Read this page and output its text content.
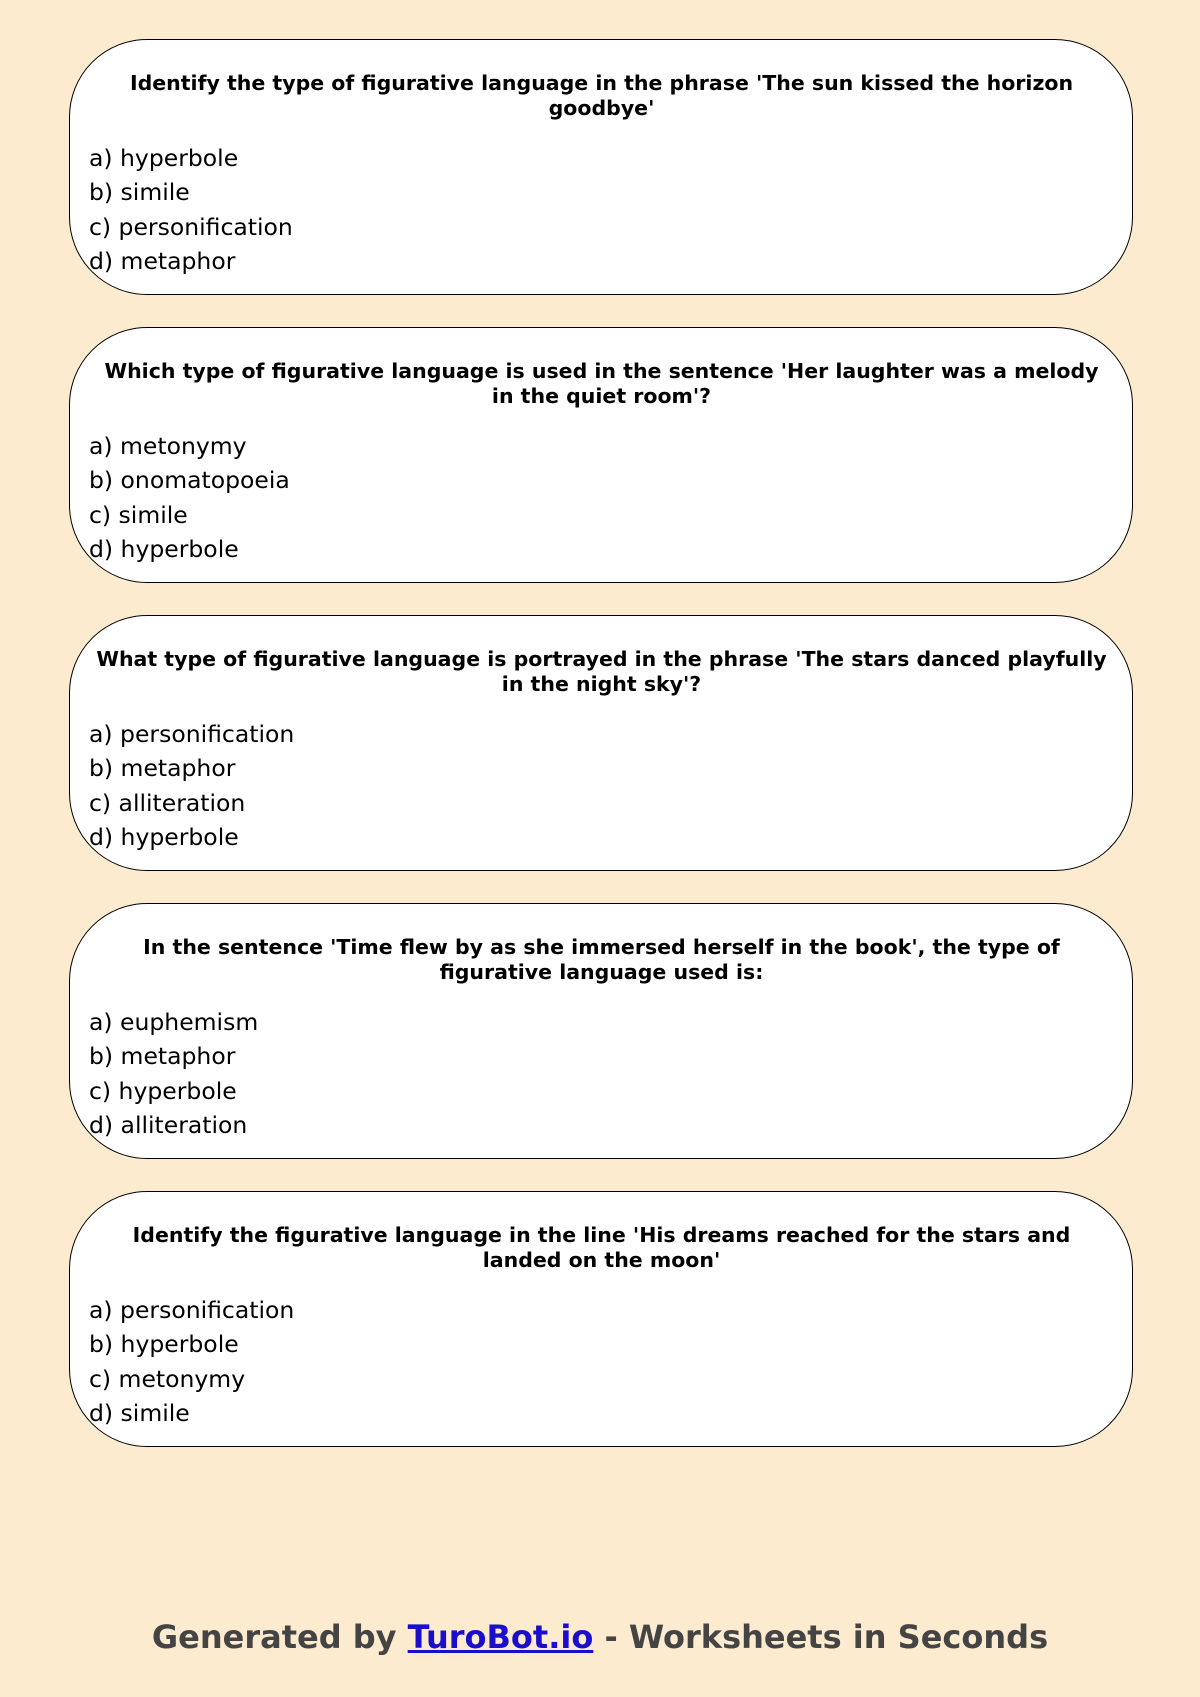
Identify the type of figurative language in the phrase 'The sun kissed the horizon goodbye'

a) hyperbole
b) simile
c) personification
d) metaphor

Which type of figurative language is used in the sentence 'Her laughter was a melody in the quiet room'?

a) metonymy
b) onomatopoeia
c) simile
d) hyperbole

What type of figurative language is portrayed in the phrase 'The stars danced playfully in the night sky'?

a) personification
b) metaphor
c) alliteration
d) hyperbole

In the sentence 'Time flew by as she immersed herself in the book', the type of figurative language used is:

a) euphemism
b) metaphor
c) hyperbole
d) alliteration

Identify the figurative language in the line 'His dreams reached for the stars and landed on the moon'

a) personification
b) hyperbole
c) metonymy
d) simile
Generated by TuroBot.io - Worksheets in Seconds
